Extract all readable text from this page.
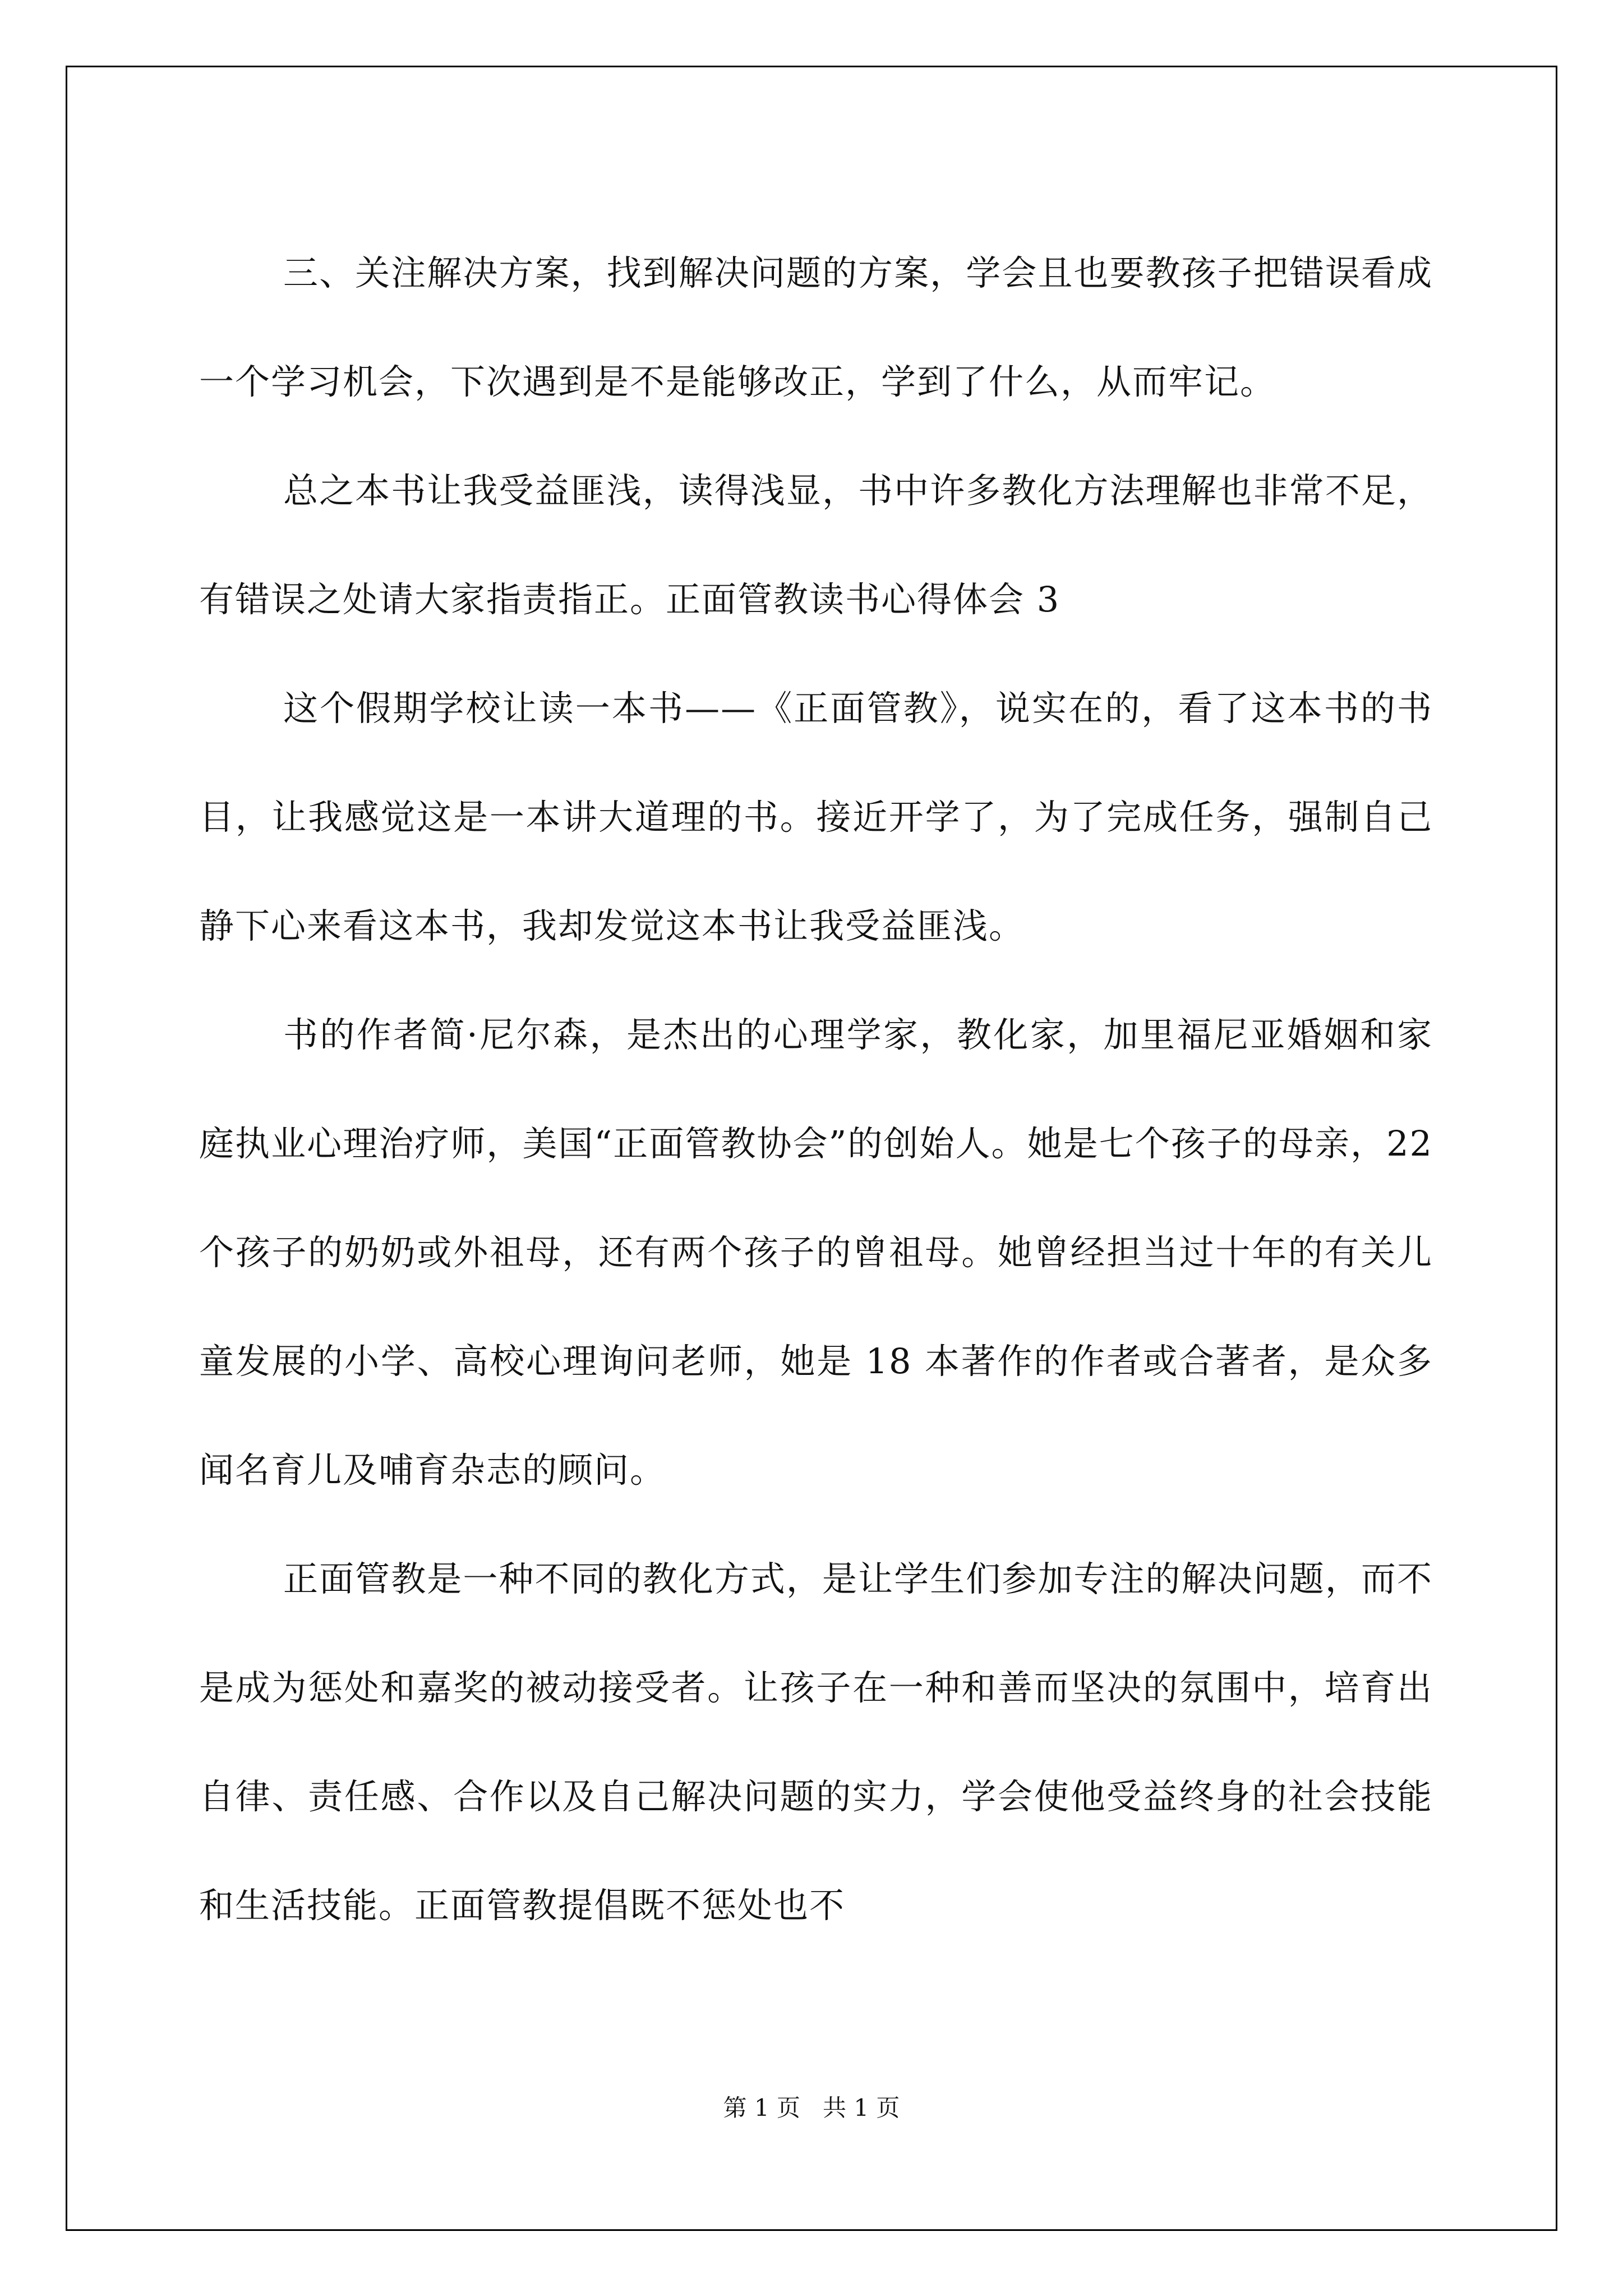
三、关注解决方案，找到解决问题的方案，学会且也要教孩子把错误看成一个学习机会，下次遇到是不是能够改正，学到了什么，从而牢记。

总之本书让我受益匪浅，读得浅显，书中许多教化方法理解也非常不足，有错误之处请大家指责指正。正面管教读书心得体会 3

这个假期学校让读一本书——《正面管教》，说实在的，看了这本书的书目，让我感觉这是一本讲大道理的书。接近开学了，为了完成任务，强制自己静下心来看这本书，我却发觉这本书让我受益匪浅。

书的作者简·尼尔森，是杰出的心理学家，教化家，加里福尼亚婚姻和家庭执业心理治疗师，美国“正面管教协会”的创始人。她是七个孩子的母亲，22 个孩子的奶奶或外祖母，还有两个孩子的曾祖母。她曾经担当过十年的有关儿童发展的小学、高校心理询问老师，她是 18 本著作的作者或合著者，是众多闻名育儿及哺育杂志的顾问。

正面管教是一种不同的教化方式，是让学生们参加专注的解决问题，而不是成为惩处和嘉奖的被动接受者。让孩子在一种和善而坚决的氛围中，培育出自律、责任感、合作以及自己解决问题的实力，学会使他受益终身的社会技能和生活技能。正面管教提倡既不惩处也不

第 1 页 共 1 页
